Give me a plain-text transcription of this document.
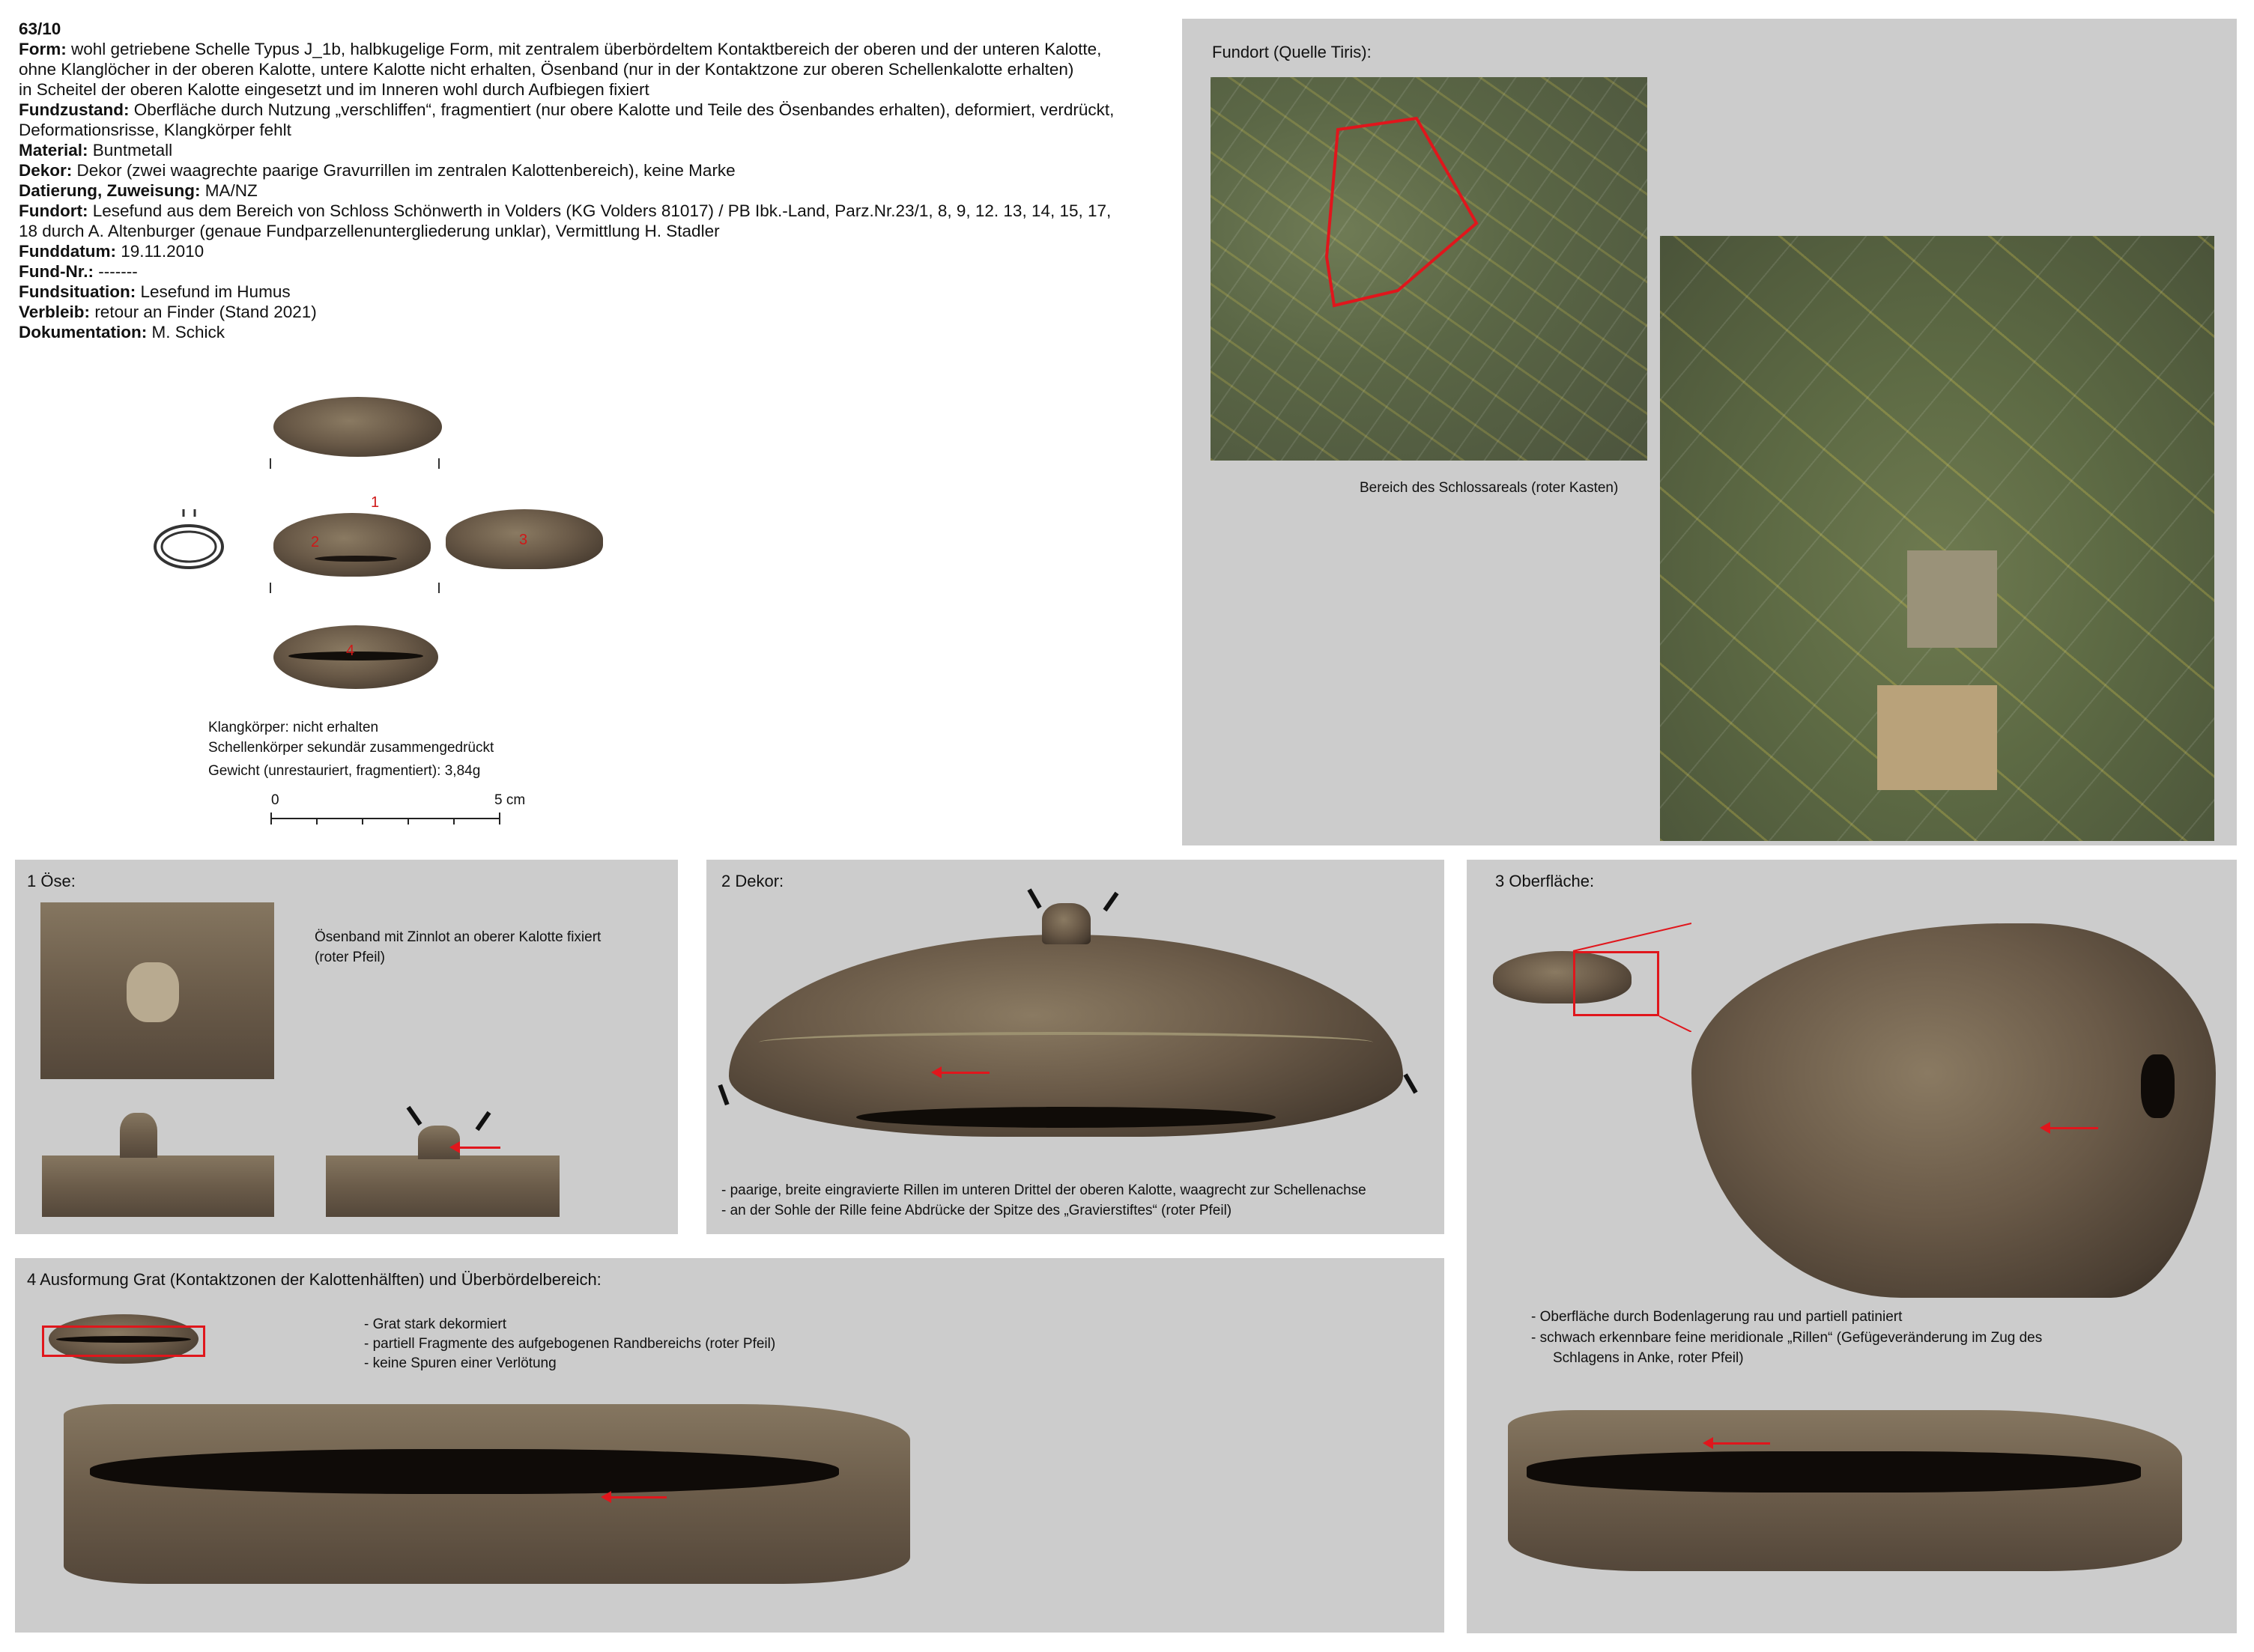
63/10
Form: wohl getriebene Schelle Typus J_1b, halbkugelige Form, mit zentralem überbördeltem Kontaktbereich der oberen und der unteren Kalotte,
ohne Klanglöcher in der oberen Kalotte, untere Kalotte nicht erhalten, Ösenband (nur in der Kontaktzone zur oberen Schellenkalotte erhalten)
in Scheitel der oberen Kalotte eingesetzt und im Inneren wohl durch Aufbiegen fixiert
Fundzustand: Oberfläche durch Nutzung „verschliffen“, fragmentiert (nur obere Kalotte und Teile des Ösenbandes erhalten), deformiert, verdrückt,
Deformationsrisse, Klangkörper fehlt
Material: Buntmetall
Dekor: Dekor (zwei waagrechte paarige Gravurrillen im zentralen Kalottenbereich), keine Marke
Datierung, Zuweisung: MA/NZ
Fundort: Lesefund aus dem Bereich von Schloss Schönwerth in Volders (KG Volders 81017) / PB Ibk.-Land, Parz.Nr.23/1, 8, 9, 12. 13, 14, 15, 17,
18 durch A. Altenburger (genaue Fundparzellenuntergliederung unklar), Vermittlung H. Stadler
Funddatum: 19.11.2010
Fund-Nr.: -------
Fundsituation: Lesefund im Humus
Verbleib: retour an Finder (Stand 2021)
Dokumentation: M. Schick
1
2	3
4
Klangkörper: nicht erhalten
Schellenkörper sekundär zusammengedrückt
Gewicht (unrestauriert, fragmentiert): 3,84g
0	5 cm
Fundort (Quelle Tiris):
Bereich des Schlossareals (roter Kasten)
1 Öse:
Ösenband mit Zinnlot an oberer Kalotte fixiert
(roter Pfeil)
2 Dekor:
- paarige, breite eingravierte Rillen im unteren Drittel der oberen Kalotte, waagrecht zur Schellenachse
- an der Sohle der Rille feine Abdrücke der Spitze des „Gravierstiftes“ (roter Pfeil)
3 Oberfläche:
- Oberfläche durch Bodenlagerung rau und partiell patiniert
- schwach erkennbare feine meridionale „Rillen“ (Gefügeveränderung im Zug des
Schlagens in Anke, roter Pfeil)
4 Ausformung Grat (Kontaktzonen der Kalottenhälften) und Überbördelbereich:
- Grat stark dekormiert
- partiell Fragmente des aufgebogenen Randbereichs (roter Pfeil)
- keine Spuren einer Verlötung
